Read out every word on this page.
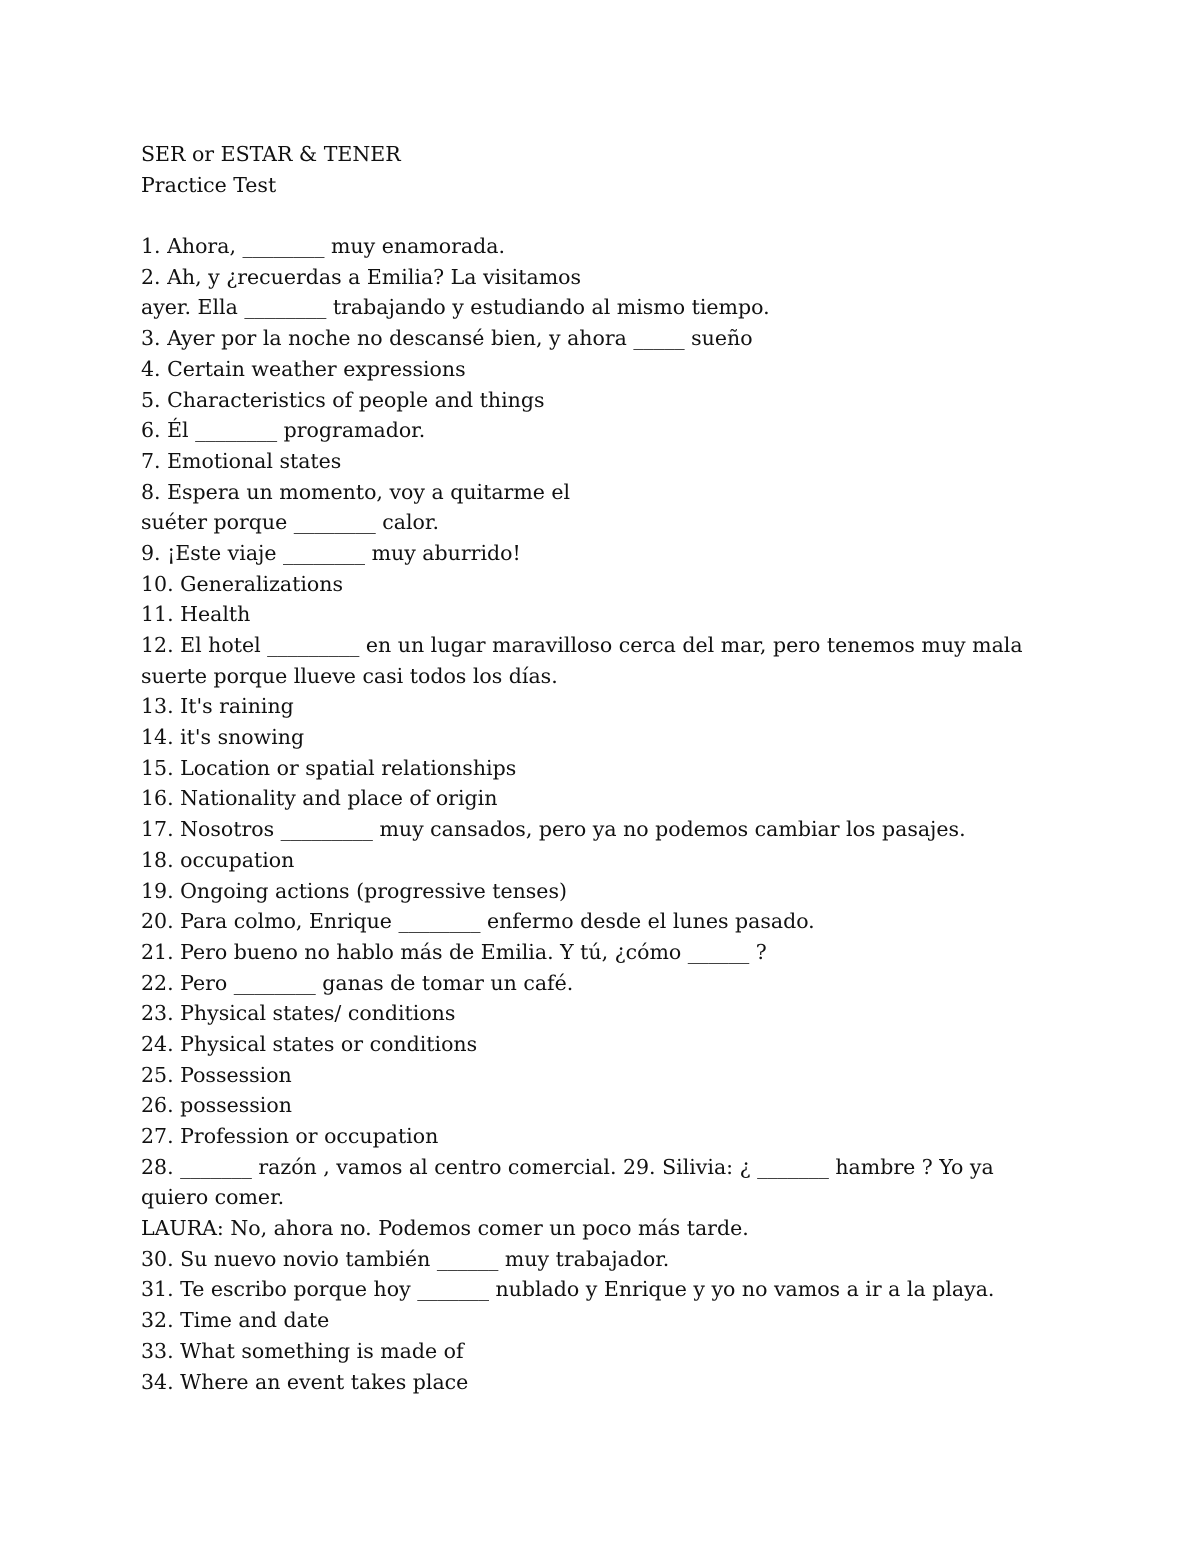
SER or ESTAR & TENER
Practice Test
1. Ahora, ________ muy enamorada.
2. Ah, y ¿recuerdas a Emilia? La visitamos
ayer. Ella ________ trabajando y estudiando al mismo tiempo.
3. Ayer por la noche no descansé bien, y ahora _____ sueño
4. Certain weather expressions
5. Characteristics of people and things
6. Él ________ programador.
7. Emotional states
8. Espera un momento, voy a quitarme el
suéter porque ________ calor.
9. ¡Este viaje ________ muy aburrido!
10. Generalizations
11. Health
12. El hotel _________ en un lugar maravilloso cerca del mar, pero tenemos muy mala
suerte porque llueve casi todos los días.
13. It's raining
14. it's snowing
15. Location or spatial relationships
16. Nationality and place of origin
17. Nosotros _________ muy cansados, pero ya no podemos cambiar los pasajes.
18. occupation
19. Ongoing actions (progressive tenses)
20. Para colmo, Enrique ________ enfermo desde el lunes pasado.
21. Pero bueno no hablo más de Emilia. Y tú, ¿cómo ______ ?
22. Pero ________ ganas de tomar un café.
23. Physical states/ conditions
24. Physical states or conditions
25. Possession
26. possession
27. Profession or occupation
28. _______ razón , vamos al centro comercial. 29. Silivia: ¿ _______ hambre ? Yo ya
quiero comer.
LAURA: No, ahora no. Podemos comer un poco más tarde.
30. Su nuevo novio también ______ muy trabajador.
31. Te escribo porque hoy _______ nublado y Enrique y yo no vamos a ir a la playa.
32. Time and date
33. What something is made of
34. Where an event takes place
